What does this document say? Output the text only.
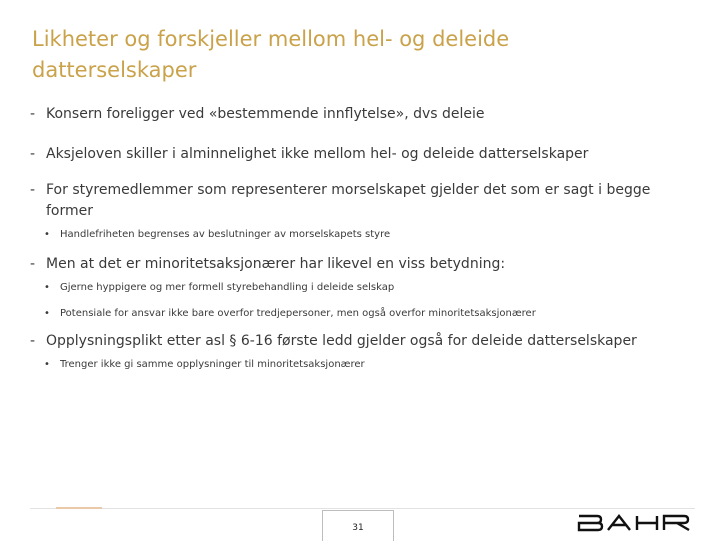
Likheter og forskjeller mellom hel- og deleide datterselskaper
- Konsern foreligger ved «bestemmende innflytelse», dvs deleie
- Aksjeloven skiller i alminnelighet ikke mellom hel- og deleide datterselskaper
- For styremedlemmer som representerer morselskapet gjelder det som er sagt i begge former
• Handlefriheten begrenses av beslutninger av morselskapets styre
- Men at det er minoritetsaksjonærer har likevel en viss betydning:
• Gjerne hyppigere og mer formell styrebehandling i deleide selskap
• Potensiale for ansvar ikke bare overfor tredjepersoner, men også overfor minoritetsaksjonærer
- Opplysningsplikt etter asl § 6-16 første ledd gjelder også for deleide datterselskaper
• Trenger ikke gi samme opplysninger til minoritetsaksjonærer
31
